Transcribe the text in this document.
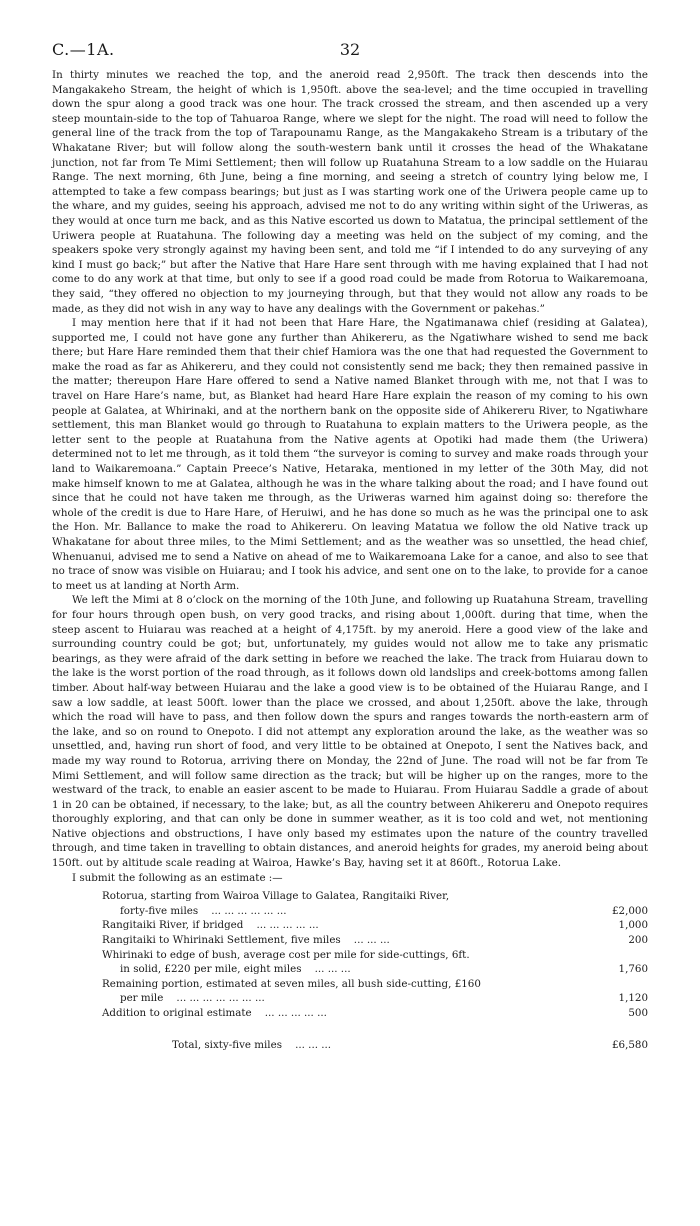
C.—1A.	32

In thirty minutes we reached the top, and the aneroid read 2,950ft. The track then descends into the Mangakakeho Stream, the height of which is 1,950ft. above the sea-level; and the time occupied in travelling down the spur along a good track was one hour. The track crossed the stream, and then ascended up a very steep mountain-side to the top of Tahuaroa Range, where we slept for the night. The road will need to follow the general line of the track from the top of Tarapounamu Range, as the Mangakakeho Stream is a tributary of the Whakatane River; but will follow along the south-western bank until it crosses the head of the Whakatane junction, not far from Te Mimi Settlement; then will follow up Ruatahuna Stream to a low saddle on the Huiarau Range. The next morning, 6th June, being a fine morning, and seeing a stretch of country lying below me, I attempted to take a few compass bearings; but just as I was starting work one of the Uriwera people came up to the whare, and my guides, seeing his approach, advised me not to do any writing within sight of the Uriweras, as they would at once turn me back, and as this Native escorted us down to Matatua, the principal settlement of the Uriwera people at Ruatahuna. The following day a meeting was held on the subject of my coming, and the speakers spoke very strongly against my having been sent, and told me “if I intended to do any surveying of any kind I must go back;” but after the Native that Hare Hare sent through with me having explained that I had not come to do any work at that time, but only to see if a good road could be made from Rotorua to Waikaremoana, they said, “they offered no objection to my journeying through, but that they would not allow any roads to be made, as they did not wish in any way to have any dealings with the Government or pakehas.”

I may mention here that if it had not been that Hare Hare, the Ngatimanawa chief (residing at Galatea), supported me, I could not have gone any further than Ahikereru, as the Ngatiwhare wished to send me back there; but Hare Hare reminded them that their chief Hamiora was the one that had requested the Government to make the road as far as Ahikereru, and they could not consistently send me back; they then remained passive in the matter; thereupon Hare Hare offered to send a Native named Blanket through with me, not that I was to travel on Hare Hare’s name, but, as Blanket had heard Hare Hare explain the reason of my coming to his own people at Galatea, at Whirinaki, and at the northern bank on the opposite side of Ahikereru River, to Ngatiwhare settlement, this man Blanket would go through to Ruatahuna to explain matters to the Uriwera people, as the letter sent to the people at Ruatahuna from the Native agents at Opotiki had made them (the Uriwera) determined not to let me through, as it told them “the surveyor is coming to survey and make roads through your land to Waikaremoana.” Captain Preece’s Native, Hetaraka, mentioned in my letter of the 30th May, did not make himself known to me at Galatea, although he was in the whare talking about the road; and I have found out since that he could not have taken me through, as the Uriweras warned him against doing so: therefore the whole of the credit is due to Hare Hare, of Heruiwi, and he has done so much as he was the principal one to ask the Hon. Mr. Ballance to make the road to Ahikereru. On leaving Matatua we follow the old Native track up Whakatane for about three miles, to the Mimi Settlement; and as the weather was so unsettled, the head chief, Whenuanui, advised me to send a Native on ahead of me to Waikaremoana Lake for a canoe, and also to see that no trace of snow was visible on Huiarau; and I took his advice, and sent one on to the lake, to provide for a canoe to meet us at landing at North Arm.

We left the Mimi at 8 o’clock on the morning of the 10th June, and following up Ruatahuna Stream, travelling for four hours through open bush, on very good tracks, and rising about 1,000ft. during that time, when the steep ascent to Huiarau was reached at a height of 4,175ft. by my aneroid. Here a good view of the lake and surrounding country could be got; but, unfortunately, my guides would not allow me to take any prismatic bearings, as they were afraid of the dark setting in before we reached the lake. The track from Huiarau down to the lake is the worst portion of the road through, as it follows down old landslips and creek-bottoms among fallen timber. About half-way between Huiarau and the lake a good view is to be obtained of the Huiarau Range, and I saw a low saddle, at least 500ft. lower than the place we crossed, and about 1,250ft. above the lake, through which the road will have to pass, and then follow down the spurs and ranges towards the north-eastern arm of the lake, and so on round to Onepoto. I did not attempt any exploration around the lake, as the weather was so unsettled, and, having run short of food, and very little to be obtained at Onepoto, I sent the Natives back, and made my way round to Rotorua, arriving there on Monday, the 22nd of June. The road will not be far from Te Mimi Settlement, and will follow same direction as the track; but will be higher up on the ranges, more to the westward of the track, to enable an easier ascent to be made to Huiarau. From Huiarau Saddle a grade of about 1 in 20 can be obtained, if necessary, to the lake; but, as all the country between Ahikereru and Onepoto requires thoroughly exploring, and that can only be done in summer weather, as it is too cold and wet, not mentioning Native objections and obstructions, I have only based my estimates upon the nature of the country travelled through, and time taken in travelling to obtain distances, and aneroid heights for grades, my aneroid being about 150ft. out by altitude scale reading at Wairoa, Hawke’s Bay, having set it at 860ft., Rotorua Lake.

I submit the following as an estimate :—

Rotorua, starting from Wairoa Village to Galatea, Rangitaiki River,
forty-five miles ... ... ... ... ... ...	£2,000
Rangitaiki River, if bridged ... ... ... ... ...	1,000
Rangitaiki to Whirinaki Settlement, five miles ... ... ...	200
Whirinaki to edge of bush, average cost per mile for side-cuttings, 6ft.
in solid, £220 per mile, eight miles ... ... ...	1,760
Remaining portion, estimated at seven miles, all bush side-cutting, £160
per mile ... ... ... ... ... ... ...	1,120
Addition to original estimate ... ... ... ... ...	500
Total, sixty-five miles ... ... ...	£6,580
